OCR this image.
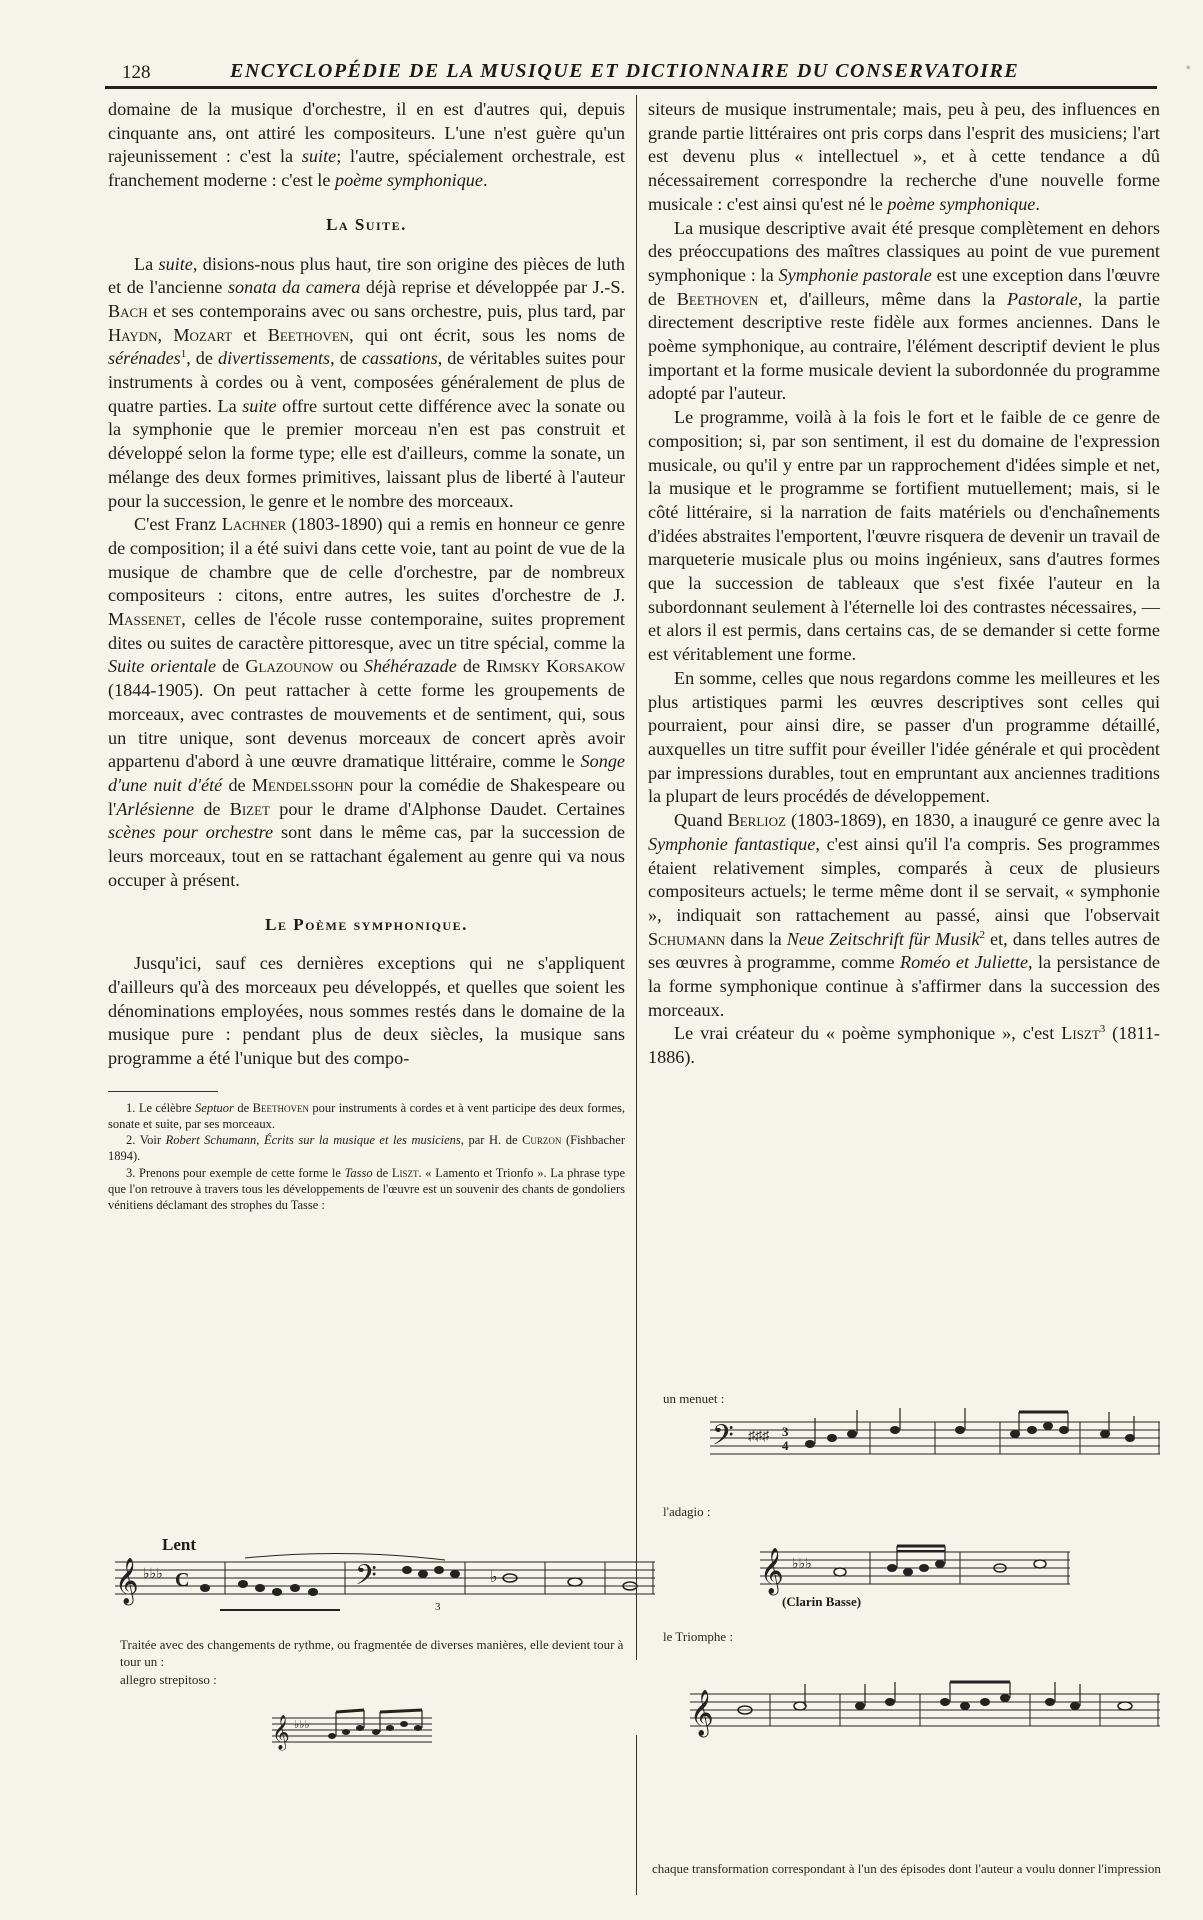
128	ENCYCLOPÉDIE DE LA MUSIQUE ET DICTIONNAIRE DU CONSERVATOIRE	•

domaine de la musique d'orchestre, il en est d'autres qui, depuis cinquante ans, ont attiré les compositeurs. L'une n'est guère qu'un rajeunissement : c'est la suite; l'autre, spécialement orchestrale, est franchement moderne : c'est le poème symphonique.

La Suite.

La suite, disions-nous plus haut, tire son origine des pièces de luth et de l'ancienne sonata da camera déjà reprise et développée par J.-S. Bach et ses contemporains avec ou sans orchestre, puis, plus tard, par Haydn, Mozart et Beethoven, qui ont écrit, sous les noms de sérénades$^1$, de divertissements, de cassations, de véritables suites pour instruments à cordes ou à vent, composées généralement de plus de quatre parties. La suite offre surtout cette différence avec la sonate ou la symphonie que le premier morceau n'en est pas construit et développé selon la forme type; elle est d'ailleurs, comme la sonate, un mélange des deux formes primitives, laissant plus de liberté à l'auteur pour la succession, le genre et le nombre des morceaux.

C'est Franz Lachner (1803-1890) qui a remis en honneur ce genre de composition; il a été suivi dans cette voie, tant au point de vue de la musique de chambre que de celle d'orchestre, par de nombreux compositeurs : citons, entre autres, les suites d'orchestre de J. Massenet, celles de l'école russe contemporaine, suites proprement dites ou suites de caractère pittoresque, avec un titre spécial, comme la Suite orientale de Glazounow ou Shéhérazade de Rimsky Korsakow (1844-1905). On peut rattacher à cette forme les groupements de morceaux, avec contrastes de mouvements et de sentiment, qui, sous un titre unique, sont devenus morceaux de concert après avoir appartenu d'abord à une œuvre dramatique littéraire, comme le Songe d'une nuit d'été de Mendelssohn pour la comédie de Shakespeare ou l'Arlésienne de Bizet pour le drame d'Alphonse Daudet. Certaines scènes pour orchestre sont dans le même cas, par la succession de leurs morceaux, tout en se rattachant également au genre qui va nous occuper à présent.

Le Poème symphonique.

Jusqu'ici, sauf ces dernières exceptions qui ne s'appliquent d'ailleurs qu'à des morceaux peu développés, et quelles que soient les dénominations employées, nous sommes restés dans le domaine de la musique pure : pendant plus de deux siècles, la musique sans programme a été l'unique but des compo-

1. Le célèbre Septuor de Beethoven pour instruments à cordes et à vent participe des deux formes, sonate et suite, par ses morceaux.

2. Voir Robert Schumann, Écrits sur la musique et les musiciens, par H. de Curzon (Fishbacher 1894).

3. Prenons pour exemple de cette forme le Tasso de Liszt. « Lamento et Trionfo ». La phrase type que l'on retrouve à travers tous les développements de l'œuvre est un souvenir des chants de gondoliers vénitiens déclamant des strophes du Tasse :

siteurs de musique instrumentale; mais, peu à peu, des influences en grande partie littéraires ont pris corps dans l'esprit des musiciens; l'art est devenu plus « intellectuel », et à cette tendance a dû nécessairement correspondre la recherche d'une nouvelle forme musicale : c'est ainsi qu'est né le poème symphonique.

La musique descriptive avait été presque complètement en dehors des préoccupations des maîtres classiques au point de vue purement symphonique : la Symphonie pastorale est une exception dans l'œuvre de Beethoven et, d'ailleurs, même dans la Pastorale, la partie directement descriptive reste fidèle aux formes anciennes. Dans le poème symphonique, au contraire, l'élément descriptif devient le plus important et la forme musicale devient la subordonnée du programme adopté par l'auteur.

Le programme, voilà à la fois le fort et le faible de ce genre de composition; si, par son sentiment, il est du domaine de l'expression musicale, ou qu'il y entre par un rapprochement d'idées simple et net, la musique et le programme se fortifient mutuellement; mais, si le côté littéraire, si la narration de faits matériels ou d'enchaînements d'idées abstraites l'emportent, l'œuvre risquera de devenir un travail de marqueterie musicale plus ou moins ingénieux, sans d'autres formes que la succession de tableaux que s'est fixée l'auteur en la subordonnant seulement à l'éternelle loi des contrastes nécessaires, — et alors il est permis, dans certains cas, de se demander si cette forme est véritablement une forme.

En somme, celles que nous regardons comme les meilleures et les plus artistiques parmi les œuvres descriptives sont celles qui pourraient, pour ainsi dire, se passer d'un programme détaillé, auxquelles un titre suffit pour éveiller l'idée générale et qui procèdent par impressions durables, tout en empruntant aux anciennes traditions la plupart de leurs procédés de développement.

Quand Berlioz (1803-1869), en 1830, a inauguré ce genre avec la Symphonie fantastique, c'est ainsi qu'il l'a compris. Ses programmes étaient relativement simples, comparés à ceux de plusieurs compositeurs actuels; le terme même dont il se servait, « symphonie », indiquait son rattachement au passé, ainsi que l'observait Schumann dans la Neue Zeitschrift für Musik$^2$ et, dans telles autres de ses œuvres à programme, comme Roméo et Juliette, la persistance de la forme symphonique continue à s'affirmer dans la succession des morceaux.

Le vrai créateur du « poème symphonique », c'est Liszt$^3$ (1811-1886).

un menuet :
l'adagio :
le Triomphe :
Traitée avec des changements de rythme, ou fragmentée de diverses manières, elle devient tour à tour un :
allegro strepitoso :
chaque transformation correspondant à l'un des épisodes dont l'auteur a voulu donner l'impression
Lent
(Clarin Basse)
𝄢 ♯♯♯ 3
4
𝄞 ♭♭♭
𝄞
𝄞 ♭♭♭ C	𝄢	♭
3
𝄞 ♭♭♭
